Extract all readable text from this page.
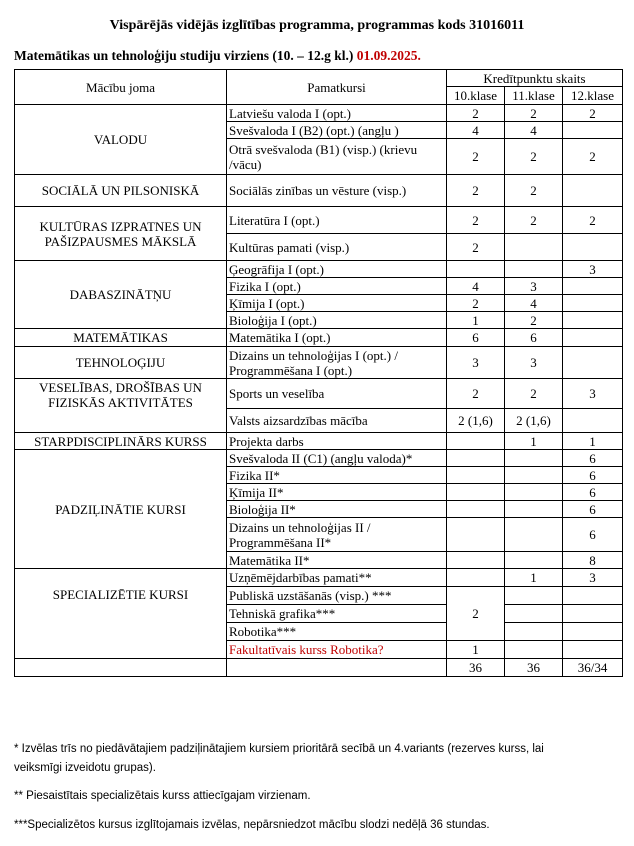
Vispārējās vidējās izglītības programma, programmas kods 31016011
Matemātikas un tehnoloģiju studiju virziens (10. – 12.g kl.) 01.09.2025.
Mācību joma	Pamatkursi	Kredītpunktu skaits		
		10.klase	11.klase	12.klase
VALODU	Latviešu valoda I (opt.)	2	2	2
	Svešvaloda I (B2) (opt.) (angļu )	4	4	
	Otrā svešvaloda (B1) (visp.) (krievu /vācu)	2	2	2
SOCIĀLĀ UN PILSONISKĀ	Sociālās zinības un vēsture (visp.)	2	2	
KULTŪRAS IZPRATNES UN PAŠIZPAUSMES MĀKSLĀ	Literatūra I (opt.)	2	2	2
	Kultūras pamati (visp.)	2		
DABASZINĀTŅU	Ģeogrāfija I (opt.)			3
	Fizika I (opt.)	4	3	
	Ķīmija I (opt.)	2	4	
	Bioloģija I (opt.)	1	2	
MATEMĀTIKAS	Matemātika I (opt.)	6	6	
TEHNOLOĢIJU	Dizains un tehnoloģijas I (opt.) / Programmēšana I (opt.)	3	3	
VESELĪBAS, DROŠĪBAS UN FIZISKĀS AKTIVITĀTES	Sports un veselība	2	2	3
	Valsts aizsardzības mācība	2 (1,6)	2 (1,6)	
STARPDISCIPLINĀRS KURSS	Projekta darbs		1	1
PADZIĻINĀTIE KURSI	Svešvaloda II (C1) (angļu valoda)*			6
	Fizika II*			6
	Ķīmija II*			6
	Bioloģija II*			6
	Dizains un tehnoloģijas II / Programmēšana II*			6
	Matemātika II*			8
SPECIALIZĒTIE KURSI	Uzņēmējdarbības pamati**		1	3
	Publiskā uzstāšanās (visp.) ***	2		
	Tehniskā grafika***			
	Robotika***			
	Fakultatīvais kurss Robotika?	1		
		36	36	36/34
* Izvēlas trīs no piedāvātajiem padziļinātajiem kursiem prioritārā secībā un 4.variants (rezerves kurss, lai veiksmīgi izveidotu grupas).
** Piesaistītais specializētais kurss attiecīgajam virzienam.
***Specializētos kursus izglītojamais izvēlas, nepārsniedzot mācību slodzi nedēļā 36 stundas.
